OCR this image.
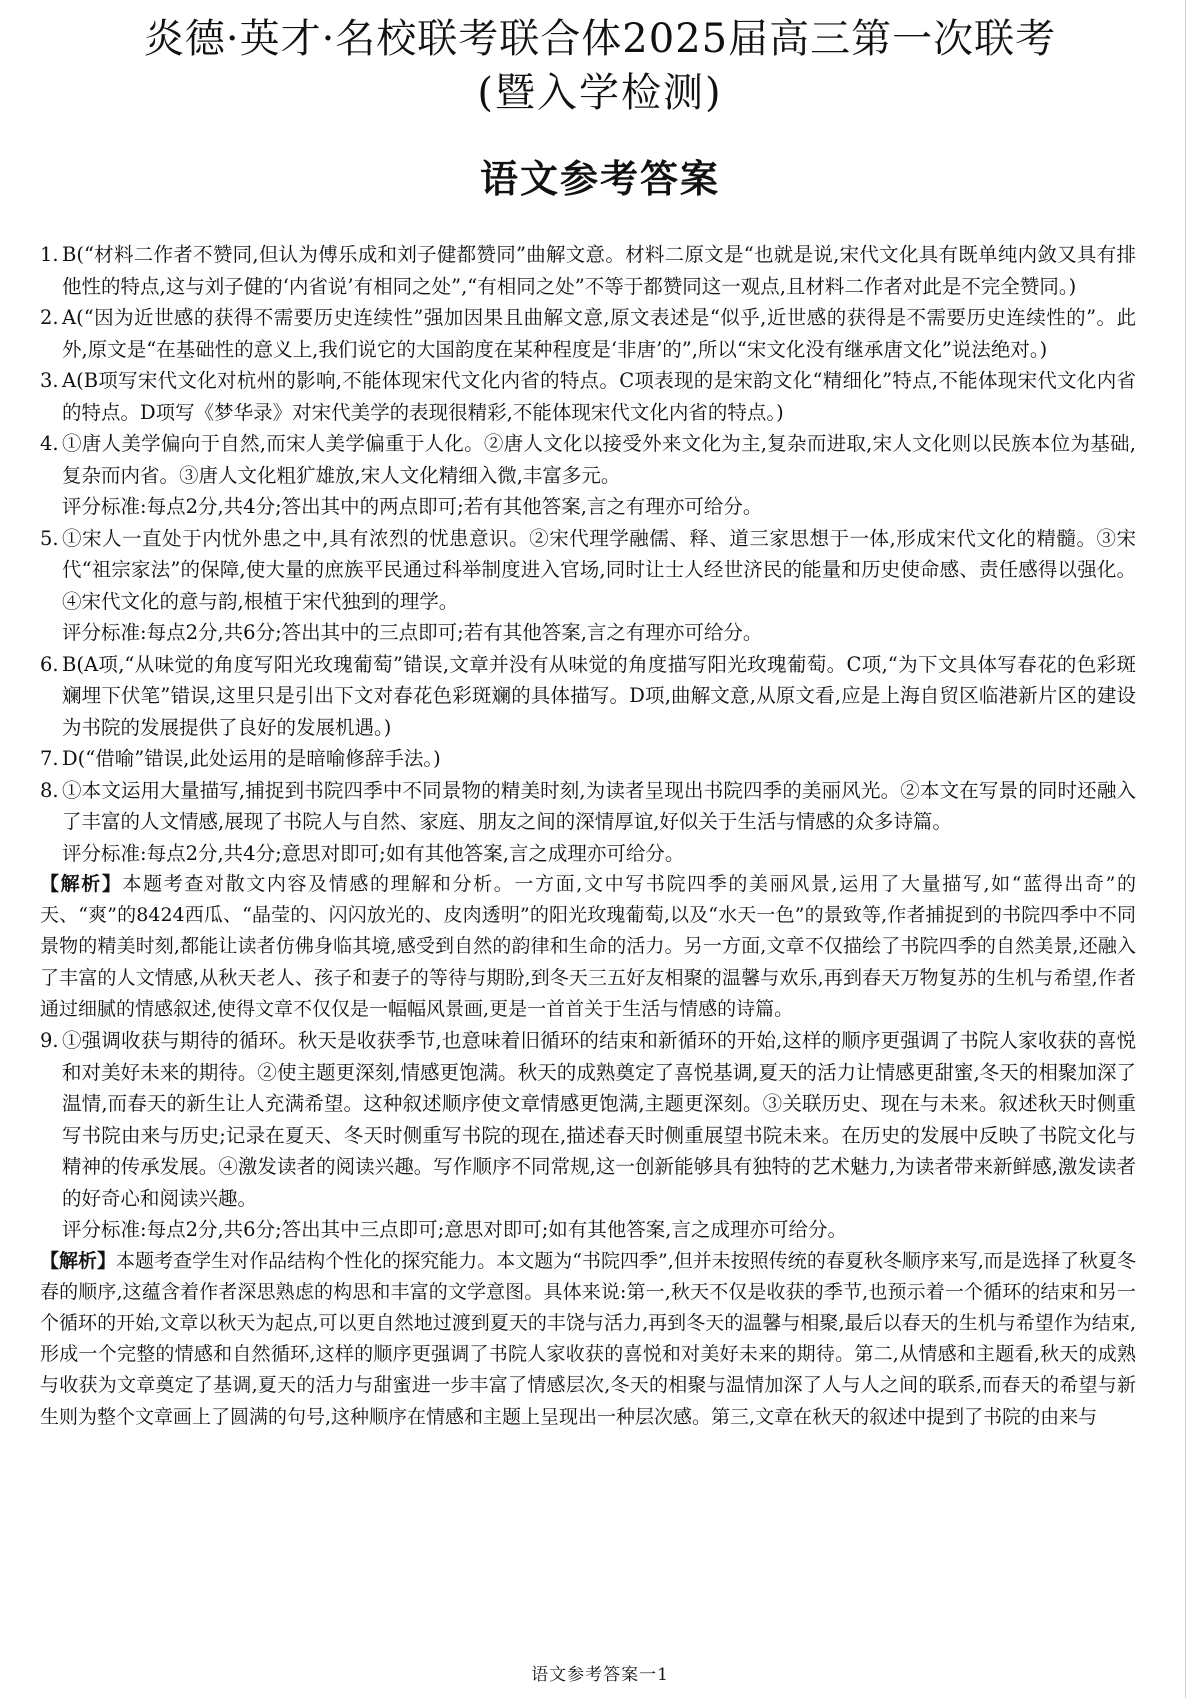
炎德·英才·名校联考联合体2025届高三第一次联考
(暨入学检测)
语文参考答案
1. B(“材料二作者不赞同,但认为傅乐成和刘子健都赞同”曲解文意。材料二原文是“也就是说,宋代文化具有既单纯内敛又具有排他性的特点,这与刘子健的‘内省说’有相同之处”,“有相同之处”不等于都赞同这一观点,且材料二作者对此是不完全赞同。)
2. A(“因为近世感的获得不需要历史连续性”强加因果且曲解文意,原文表述是“似乎,近世感的获得是不需要历史连续性的”。此外,原文是“在基础性的意义上,我们说它的大国韵度在某种程度是‘非唐’的”,所以“宋文化没有继承唐文化”说法绝对。)
3. A(B项写宋代文化对杭州的影响,不能体现宋代文化内省的特点。C项表现的是宋韵文化“精细化”特点,不能体现宋代文化内省的特点。D项写《梦华录》对宋代美学的表现很精彩,不能体现宋代文化内省的特点。)
4. ①唐人美学偏向于自然,而宋人美学偏重于人化。②唐人文化以接受外来文化为主,复杂而进取,宋人文化则以民族本位为基础,复杂而内省。③唐人文化粗犷雄放,宋人文化精细入微,丰富多元。
评分标准:每点2分,共4分;答出其中的两点即可;若有其他答案,言之有理亦可给分。
5. ①宋人一直处于内忧外患之中,具有浓烈的忧患意识。②宋代理学融儒、释、道三家思想于一体,形成宋代文化的精髓。③宋代“祖宗家法”的保障,使大量的庶族平民通过科举制度进入官场,同时让士人经世济民的能量和历史使命感、责任感得以强化。④宋代文化的意与韵,根植于宋代独到的理学。
评分标准:每点2分,共6分;答出其中的三点即可;若有其他答案,言之有理亦可给分。
6. B(A项,“从味觉的角度写阳光玫瑰葡萄”错误,文章并没有从味觉的角度描写阳光玫瑰葡萄。C项,“为下文具体写春花的色彩斑斓埋下伏笔”错误,这里只是引出下文对春花色彩斑斓的具体描写。D项,曲解文意,从原文看,应是上海自贸区临港新片区的建设为书院的发展提供了良好的发展机遇。)
7. D(“借喻”错误,此处运用的是暗喻修辞手法。)
8. ①本文运用大量描写,捕捉到书院四季中不同景物的精美时刻,为读者呈现出书院四季的美丽风光。②本文在写景的同时还融入了丰富的人文情感,展现了书院人与自然、家庭、朋友之间的深情厚谊,好似关于生活与情感的众多诗篇。
评分标准:每点2分,共4分;意思对即可;如有其他答案,言之成理亦可给分。
【解析】本题考查对散文内容及情感的理解和分析。一方面,文中写书院四季的美丽风景,运用了大量描写,如“蓝得出奇”的天、“爽”的8424西瓜、“晶莹的、闪闪放光的、皮肉透明”的阳光玫瑰葡萄,以及“水天一色”的景致等,作者捕捉到的书院四季中不同景物的精美时刻,都能让读者仿佛身临其境,感受到自然的韵律和生命的活力。另一方面,文章不仅描绘了书院四季的自然美景,还融入了丰富的人文情感,从秋天老人、孩子和妻子的等待与期盼,到冬天三五好友相聚的温馨与欢乐,再到春天万物复苏的生机与希望,作者通过细腻的情感叙述,使得文章不仅仅是一幅幅风景画,更是一首首关于生活与情感的诗篇。
9. ①强调收获与期待的循环。秋天是收获季节,也意味着旧循环的结束和新循环的开始,这样的顺序更强调了书院人家收获的喜悦和对美好未来的期待。②使主题更深刻,情感更饱满。秋天的成熟奠定了喜悦基调,夏天的活力让情感更甜蜜,冬天的相聚加深了温情,而春天的新生让人充满希望。这种叙述顺序使文章情感更饱满,主题更深刻。③关联历史、现在与未来。叙述秋天时侧重写书院由来与历史;记录在夏天、冬天时侧重写书院的现在,描述春天时侧重展望书院未来。在历史的发展中反映了书院文化与精神的传承发展。④激发读者的阅读兴趣。写作顺序不同常规,这一创新能够具有独特的艺术魅力,为读者带来新鲜感,激发读者的好奇心和阅读兴趣。
评分标准:每点2分,共6分;答出其中三点即可;意思对即可;如有其他答案,言之成理亦可给分。
【解析】本题考查学生对作品结构个性化的探究能力。本文题为“书院四季”,但并未按照传统的春夏秋冬顺序来写,而是选择了秋夏冬春的顺序,这蕴含着作者深思熟虑的构思和丰富的文学意图。具体来说:第一,秋天不仅是收获的季节,也预示着一个循环的结束和另一个循环的开始,文章以秋天为起点,可以更自然地过渡到夏天的丰饶与活力,再到冬天的温馨与相聚,最后以春天的生机与希望作为结束,形成一个完整的情感和自然循环,这样的顺序更强调了书院人家收获的喜悦和对美好未来的期待。第二,从情感和主题看,秋天的成熟与收获为文章奠定了基调,夏天的活力与甜蜜进一步丰富了情感层次,冬天的相聚与温情加深了人与人之间的联系,而春天的希望与新生则为整个文章画上了圆满的句号,这种顺序在情感和主题上呈现出一种层次感。第三,文章在秋天的叙述中提到了书院的由来与
语文参考答案一1
